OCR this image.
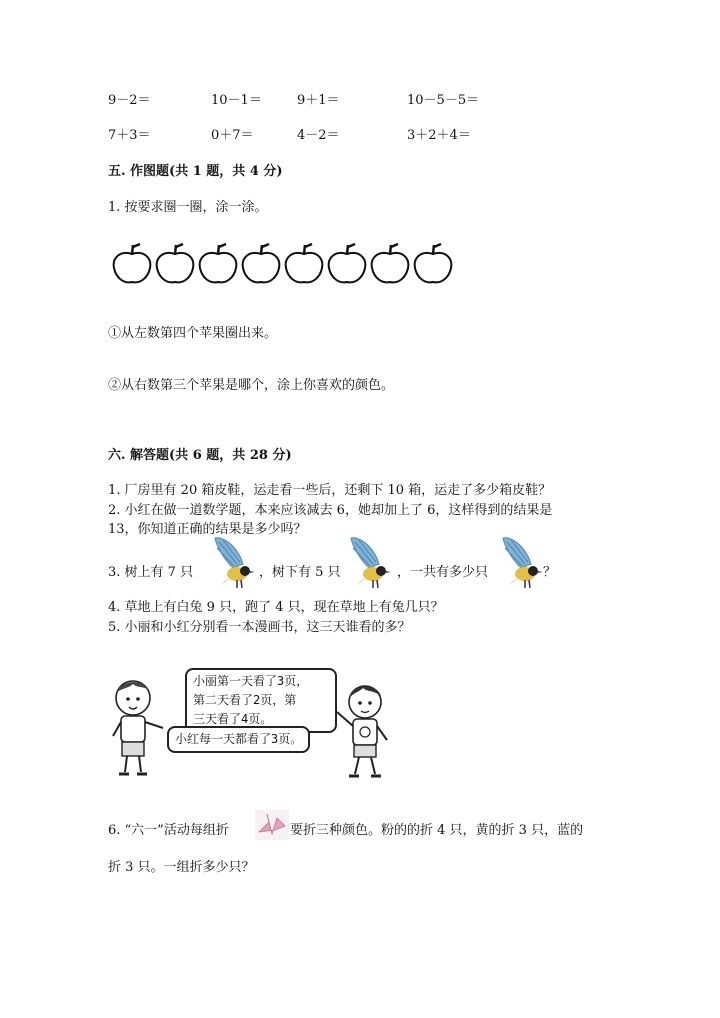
9－2＝	10－1＝	9＋1＝	10－5－5＝
7＋3＝	0＋7＝	4－2＝	3＋2＋4＝
五. 作图题(共 1 题，共 4 分)
1. 按要求圈一圈，涂一涂。
①从左数第四个苹果圈出来。
②从右数第三个苹果是哪个，涂上你喜欢的颜色。
六. 解答题(共 6 题，共 28 分)
1. 厂房里有 20 箱皮鞋，运走看一些后，还剩下 10 箱，运走了多少箱皮鞋？
2. 小红在做一道数学题，本来应该减去 6，她却加上了 6，这样得到的结果是
13，你知道正确的结果是多少吗？
3. 树上有 7 只	，树下有 5 只	，一共有多少只	？
4. 草地上有白兔 9 只，跑了 4 只，现在草地上有兔几只？
5. 小丽和小红分别看一本漫画书，这三天谁看的多？
小丽第一天看了3页，
第二天看了2页，第
三天看了4页。
小红每一天都看了3页。
6. “六一”活动每组折	要折三种颜色。粉的的折 4 只，黄的折 3 只，蓝的
折 3 只。一组折多少只？
